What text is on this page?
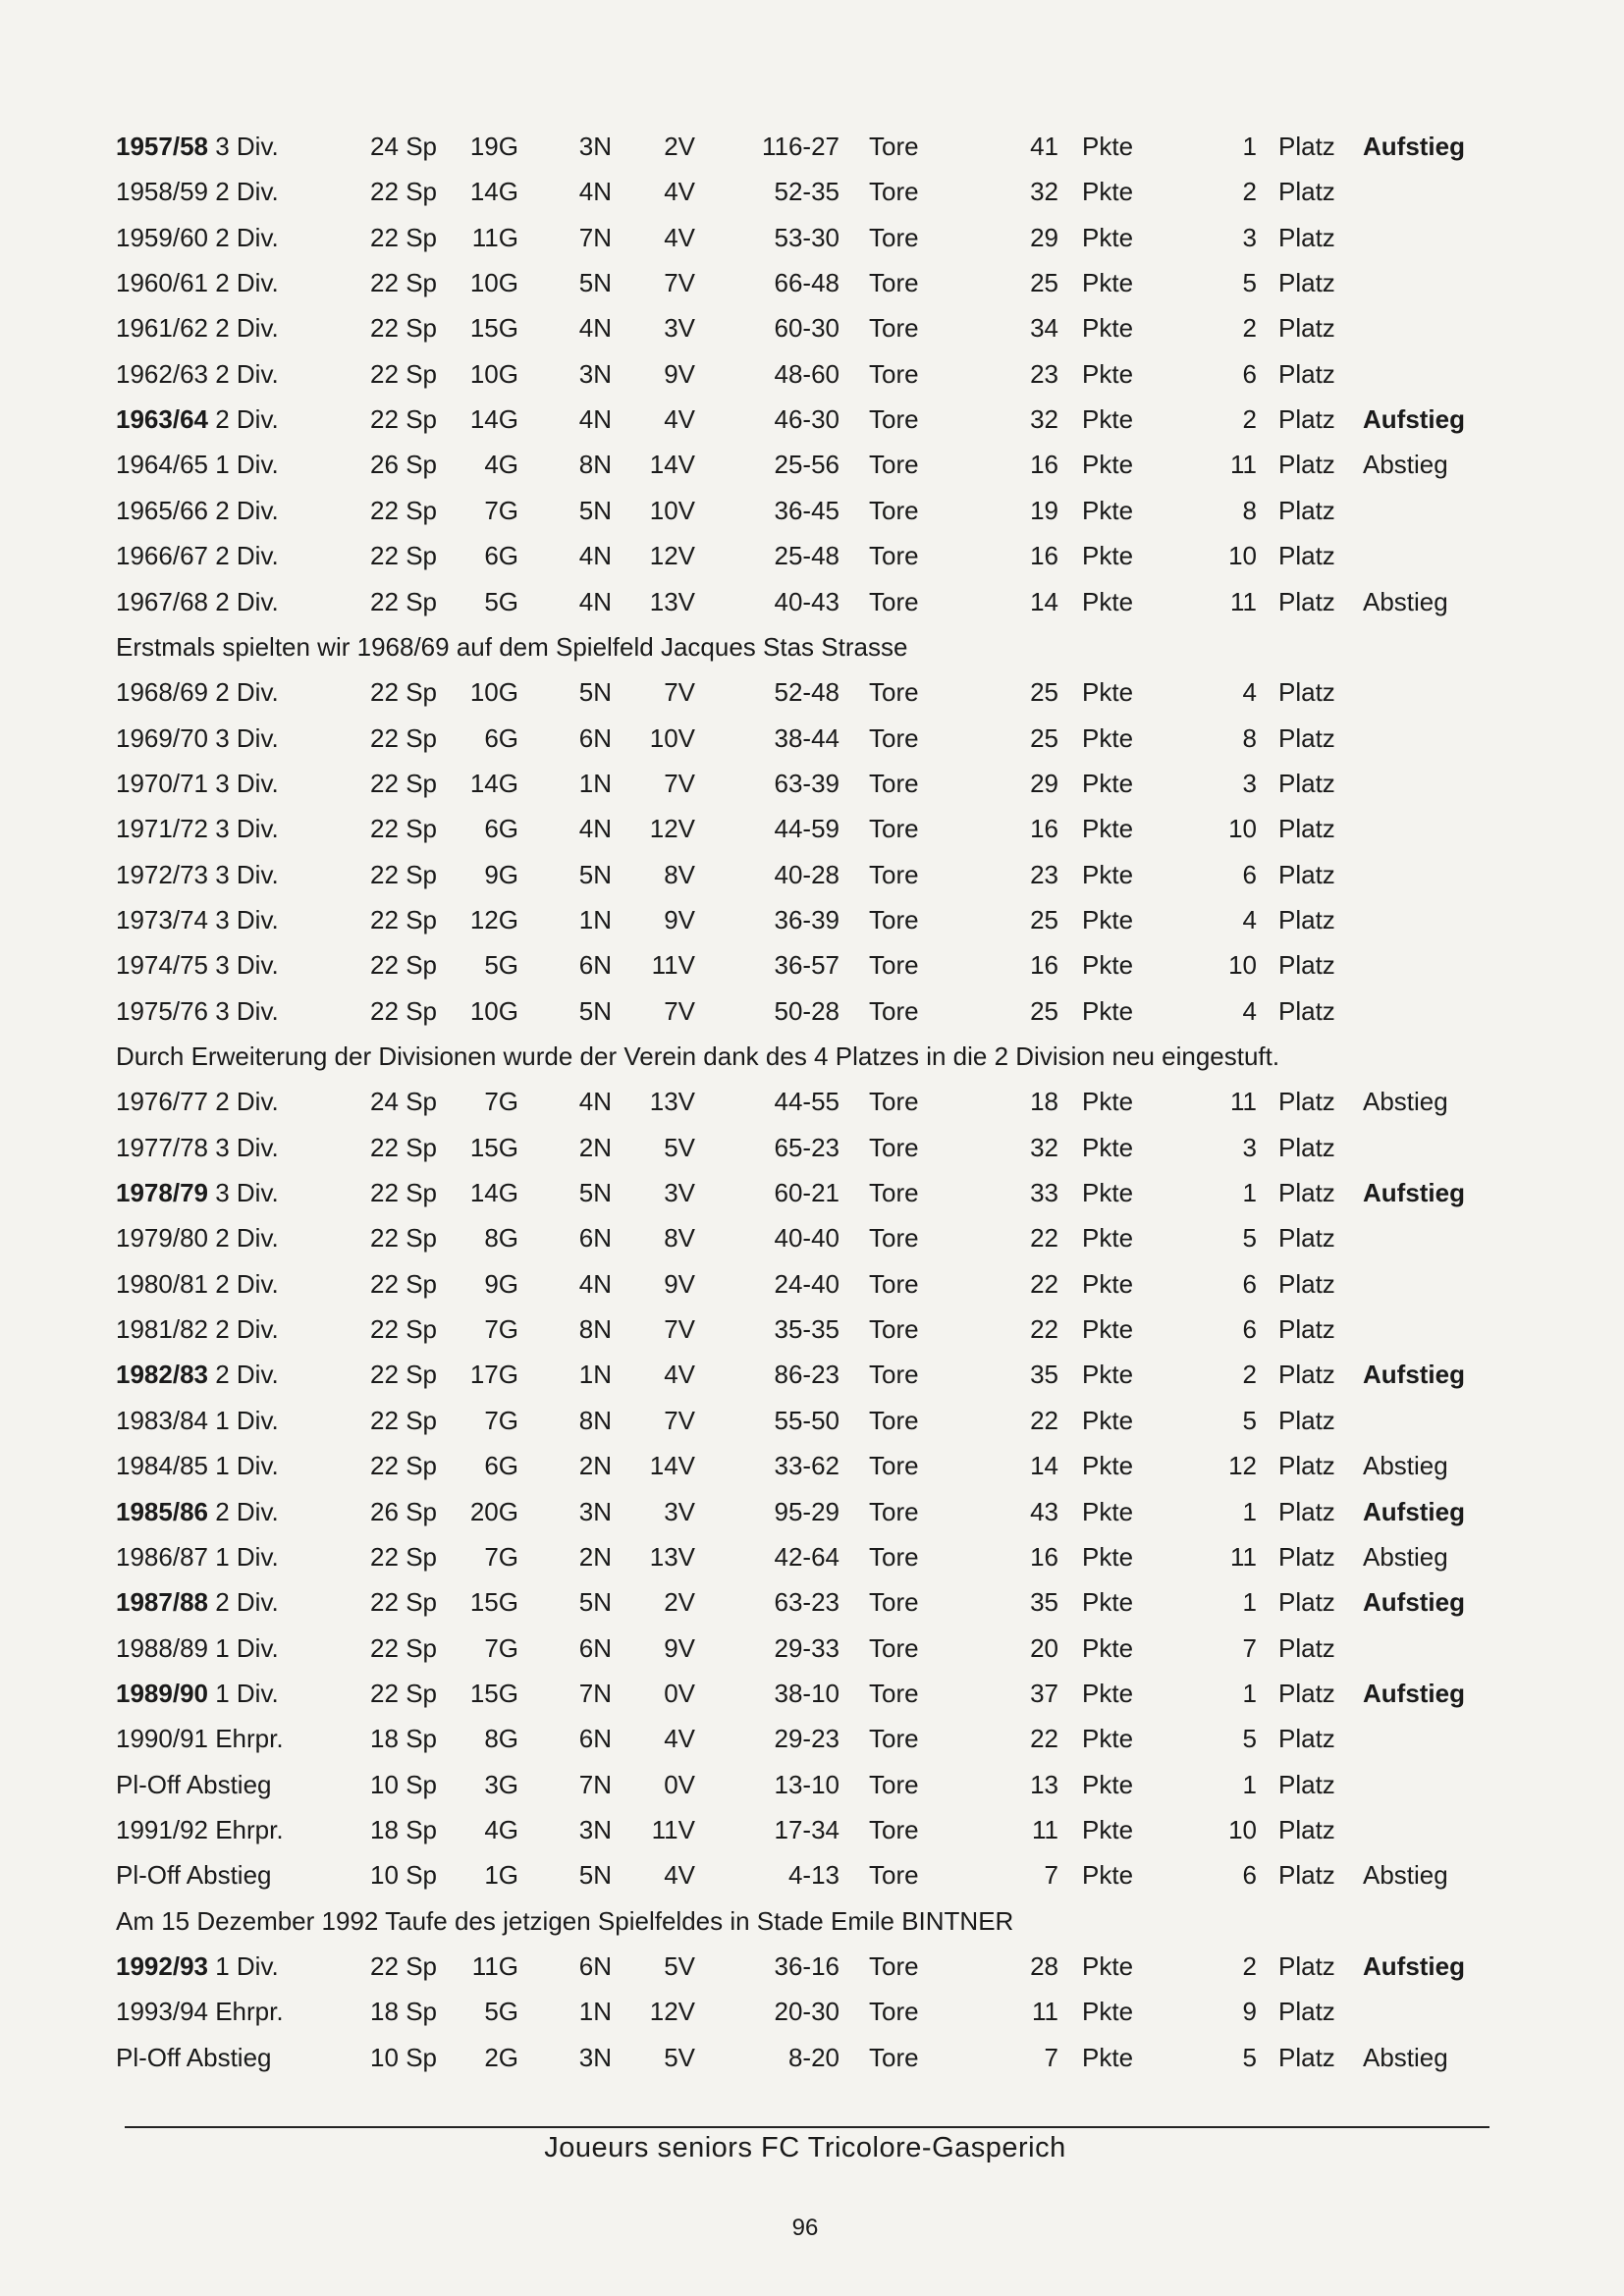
1957/58 3 Div.	24 Sp	19G	3N	2V	116-27 Tore	41 Pkte	1 Platz Aufstieg
1958/59 2 Div.	22 Sp	14G	4N	4V	52-35 Tore	32 Pkte	2 Platz
1959/60 2 Div.	22 Sp	11G	7N	4V	53-30 Tore	29 Pkte	3 Platz
1960/61 2 Div.	22 Sp	10G	5N	7V	66-48 Tore	25 Pkte	5 Platz
1961/62 2 Div.	22 Sp	15G	4N	3V	60-30 Tore	34 Pkte	2 Platz
1962/63 2 Div.	22 Sp	10G	3N	9V	48-60 Tore	23 Pkte	6 Platz
1963/64 2 Div.	22 Sp	14G	4N	4V	46-30 Tore	32 Pkte	2 Platz Aufstieg
1964/65 1 Div.	26 Sp	4G	8N	14V	25-56 Tore	16 Pkte	11 Platz Abstieg
1965/66 2 Div.	22 Sp	7G	5N	10V	36-45 Tore	19 Pkte	8 Platz
1966/67 2 Div.	22 Sp	6G	4N	12V	25-48 Tore	16 Pkte	10 Platz
1967/68 2 Div.	22 Sp	5G	4N	13V	40-43 Tore	14 Pkte	11 Platz Abstieg
Erstmals spielten wir 1968/69 auf dem Spielfeld Jacques Stas Strasse
1968/69 2 Div.	22 Sp	10G	5N	7V	52-48 Tore	25 Pkte	4 Platz
1969/70 3 Div.	22 Sp	6G	6N	10V	38-44 Tore	25 Pkte	8 Platz
1970/71 3 Div.	22 Sp	14G	1N	7V	63-39 Tore	29 Pkte	3 Platz
1971/72 3 Div.	22 Sp	6G	4N	12V	44-59 Tore	16 Pkte	10 Platz
1972/73 3 Div.	22 Sp	9G	5N	8V	40-28 Tore	23 Pkte	6 Platz
1973/74 3 Div.	22 Sp	12G	1N	9V	36-39 Tore	25 Pkte	4 Platz
1974/75 3 Div.	22 Sp	5G	6N	11V	36-57 Tore	16 Pkte	10 Platz
1975/76 3 Div.	22 Sp	10G	5N	7V	50-28 Tore	25 Pkte	4 Platz
Durch Erweiterung der Divisionen wurde der Verein dank des 4 Platzes in die 2 Division neu eingestuft.
1976/77 2 Div.	24 Sp	7G	4N	13V	44-55 Tore	18 Pkte	11 Platz Abstieg
1977/78 3 Div.	22 Sp	15G	2N	5V	65-23 Tore	32 Pkte	3 Platz
1978/79 3 Div.	22 Sp	14G	5N	3V	60-21 Tore	33 Pkte	1 Platz Aufstieg
1979/80 2 Div.	22 Sp	8G	6N	8V	40-40 Tore	22 Pkte	5 Platz
1980/81 2 Div.	22 Sp	9G	4N	9V	24-40 Tore	22 Pkte	6 Platz
1981/82 2 Div.	22 Sp	7G	8N	7V	35-35 Tore	22 Pkte	6 Platz
1982/83 2 Div.	22 Sp	17G	1N	4V	86-23 Tore	35 Pkte	2 Platz Aufstieg
1983/84 1 Div.	22 Sp	7G	8N	7V	55-50 Tore	22 Pkte	5 Platz
1984/85 1 Div.	22 Sp	6G	2N	14V	33-62 Tore	14 Pkte	12 Platz Abstieg
1985/86 2 Div.	26 Sp	20G	3N	3V	95-29 Tore	43 Pkte	1 Platz Aufstieg
1986/87 1 Div.	22 Sp	7G	2N	13V	42-64 Tore	16 Pkte	11 Platz Abstieg
1987/88 2 Div.	22 Sp	15G	5N	2V	63-23 Tore	35 Pkte	1 Platz Aufstieg
1988/89 1 Div.	22 Sp	7G	6N	9V	29-33 Tore	20 Pkte	7 Platz
1989/90 1 Div.	22 Sp	15G	7N	0V	38-10 Tore	37 Pkte	1 Platz Aufstieg
1990/91 Ehrpr.	18 Sp	8G	6N	4V	29-23 Tore	22 Pkte	5 Platz
Pl-Off Abstieg	10 Sp	3G	7N	0V	13-10 Tore	13 Pkte	1 Platz
1991/92 Ehrpr.	18 Sp	4G	3N	11V	17-34 Tore	11 Pkte	10 Platz
Pl-Off Abstieg	10 Sp	1G	5N	4V	4-13 Tore	7 Pkte	6 Platz Abstieg
Am 15 Dezember 1992 Taufe des jetzigen Spielfeldes in Stade Emile BINTNER
1992/93 1 Div.	22 Sp	11G	6N	5V	36-16 Tore	28 Pkte	2 Platz Aufstieg
1993/94 Ehrpr.	18 Sp	5G	1N	12V	20-30 Tore	11 Pkte	9 Platz
Pl-Off Abstieg	10 Sp	2G	3N	5V	8-20 Tore	7 Pkte	5 Platz Abstieg
Joueurs seniors FC Tricolore-Gasperich
96
